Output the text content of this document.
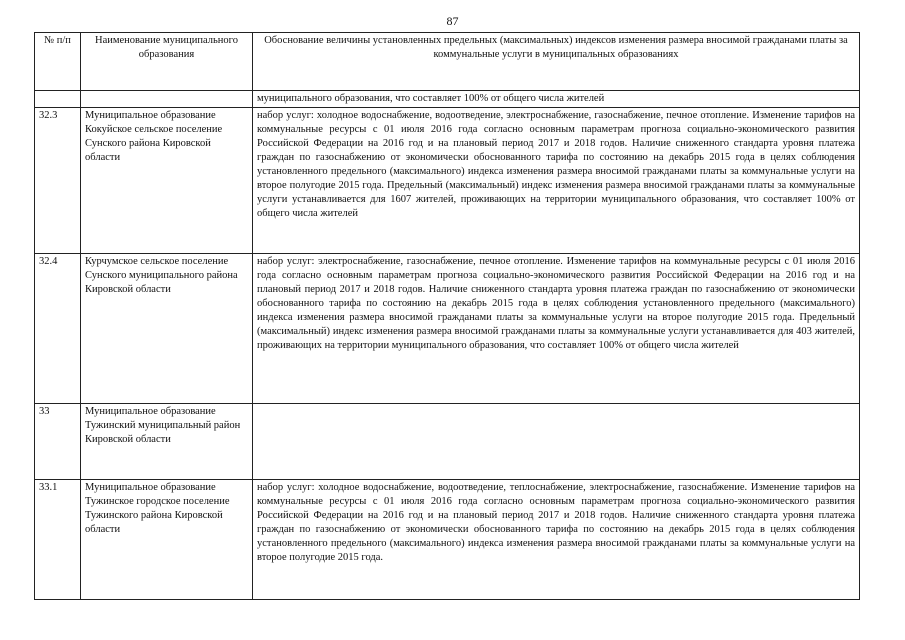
87
№ п/п	Наименование муниципального образования	Обоснование величины установленных предельных (максимальных) индексов изменения размера вносимой гражданами платы за коммунальные услуги в муниципальных образованиях
		муниципального образования, что составляет 100% от общего числа жителей
32.3	Муниципальное образование Кокуйское сельское поселение Сунского района Кировской области	набор услуг: холодное водоснабжение, водоотведение, электроснабжение, газоснабжение, печное отопление. Изменение тарифов на коммунальные ресурсы с 01 июля 2016 года согласно основным параметрам прогноза социально-экономического развития Российской Федерации на 2016 год и на плановый период 2017 и 2018 годов. Наличие сниженного стандарта уровня платежа граждан по газоснабжению от экономически обоснованного тарифа по состоянию на декабрь 2015 года в целях соблюдения установленного предельного (максимального) индекса изменения размера вносимой гражданами платы за коммунальные услуги на второе полугодие 2015 года. Предельный (максимальный) индекс изменения размера вносимой гражданами платы за коммунальные услуги устанавливается для 1607 жителей, проживающих на территории муниципального образования, что составляет 100% от общего числа жителей
32.4	Курчумское сельское поселение Сунского муниципального района Кировской области	набор услуг: электроснабжение, газоснабжение, печное отопление. Изменение тарифов на коммунальные ресурсы с 01 июля 2016 года согласно основным параметрам прогноза социально-экономического развития Российской Федерации на 2016 год и на плановый период 2017 и 2018 годов. Наличие сниженного стандарта уровня платежа граждан по газоснабжению от экономически обоснованного тарифа по состоянию на декабрь 2015 года в целях соблюдения установленного предельного (максимального) индекса изменения размера вносимой гражданами платы за коммунальные услуги на второе полугодие 2015 года. Предельный (максимальный) индекс изменения размера вносимой гражданами платы за коммунальные услуги устанавливается для 403 жителей, проживающих на территории муниципального образования, что составляет 100% от общего числа жителей
33	Муниципальное образование Тужинский муниципальный район Кировской области	
33.1	Муниципальное образование Тужинское городское поселение Тужинского района Кировской области	набор услуг: холодное водоснабжение, водоотведение, теплоснабжение, электроснабжение, газоснабжение. Изменение тарифов на коммунальные ресурсы с 01 июля 2016 года согласно основным параметрам прогноза социально-экономического развития Российской Федерации на 2016 год и на плановый период 2017 и 2018 годов. Наличие сниженного стандарта уровня платежа граждан по газоснабжению от экономически обоснованного тарифа по состоянию на декабрь 2015 года в целях соблюдения установленного предельного (максимального) индекса изменения размера вносимой гражданами платы за коммунальные услуги на второе полугодие 2015 года.
